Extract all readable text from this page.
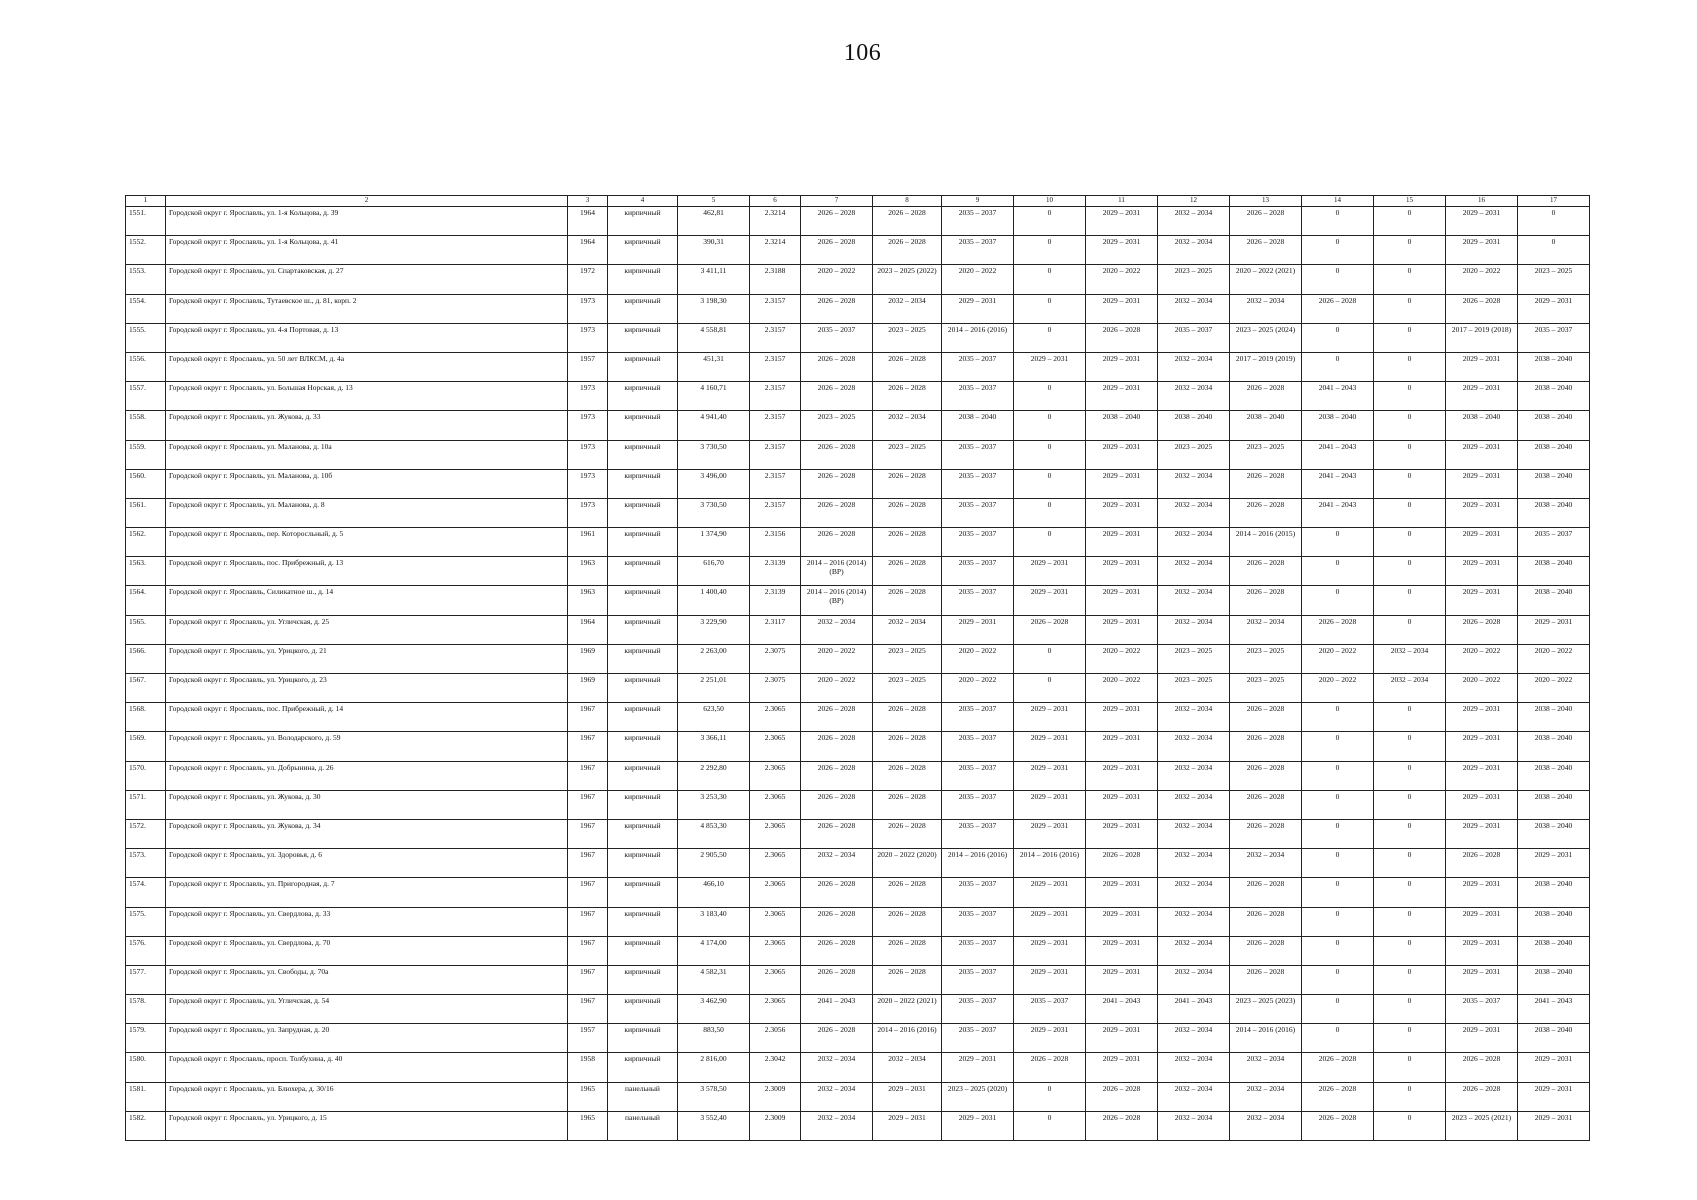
106
1	2	3	4	5	6	7	8	9	10	11	12	13	14	15	16	17
1551.	Городской округ г. Ярославль, ул. 1-я Кольцова, д. 39	1964	кирпичный	462,81	2.3214	2026 – 2028	2026 – 2028	2035 – 2037	0	2029 – 2031	2032 – 2034	2026 – 2028	0	0	2029 – 2031	0
1552.	Городской округ г. Ярославль, ул. 1-я Кольцова, д. 41	1964	кирпичный	390,31	2.3214	2026 – 2028	2026 – 2028	2035 – 2037	0	2029 – 2031	2032 – 2034	2026 – 2028	0	0	2029 – 2031	0
1553.	Городской округ г. Ярославль, ул. Спартаковская, д. 27	1972	кирпичный	3 411,11	2.3188	2020 – 2022	2023 – 2025 (2022)	2020 – 2022	0	2020 – 2022	2023 – 2025	2020 – 2022 (2021)	0	0	2020 – 2022	2023 – 2025
1554.	Городской округ г. Ярославль, Тутаевское ш., д. 81, корп. 2	1973	кирпичный	3 198,30	2.3157	2026 – 2028	2032 – 2034	2029 – 2031	0	2029 – 2031	2032 – 2034	2032 – 2034	2026 – 2028	0	2026 – 2028	2029 – 2031
1555.	Городской округ г. Ярославль, ул. 4-я Портовая, д. 13	1973	кирпичный	4 558,81	2.3157	2035 – 2037	2023 – 2025	2014 – 2016 (2016)	0	2026 – 2028	2035 – 2037	2023 – 2025 (2024)	0	0	2017 – 2019 (2018)	2035 – 2037
1556.	Городской округ г. Ярославль, ул. 50 лет ВЛКСМ, д. 4а	1957	кирпичный	451,31	2.3157	2026 – 2028	2026 – 2028	2035 – 2037	2029 – 2031	2029 – 2031	2032 – 2034	2017 – 2019 (2019)	0	0	2029 – 2031	2038 – 2040
1557.	Городской округ г. Ярославль, ул. Большая Норская, д. 13	1973	кирпичный	4 160,71	2.3157	2026 – 2028	2026 – 2028	2035 – 2037	0	2029 – 2031	2032 – 2034	2026 – 2028	2041 – 2043	0	2029 – 2031	2038 – 2040
1558.	Городской округ г. Ярославль, ул. Жукова, д. 33	1973	кирпичный	4 941,40	2.3157	2023 – 2025	2032 – 2034	2038 – 2040	0	2038 – 2040	2038 – 2040	2038 – 2040	2038 – 2040	0	2038 – 2040	2038 – 2040
1559.	Городской округ г. Ярославль, ул. Маланова, д. 10а	1973	кирпичный	3 730,50	2.3157	2026 – 2028	2023 – 2025	2035 – 2037	0	2029 – 2031	2023 – 2025	2023 – 2025	2041 – 2043	0	2029 – 2031	2038 – 2040
1560.	Городской округ г. Ярославль, ул. Маланова, д. 10б	1973	кирпичный	3 496,00	2.3157	2026 – 2028	2026 – 2028	2035 – 2037	0	2029 – 2031	2032 – 2034	2026 – 2028	2041 – 2043	0	2029 – 2031	2038 – 2040
1561.	Городской округ г. Ярославль, ул. Маланова, д. 8	1973	кирпичный	3 730,50	2.3157	2026 – 2028	2026 – 2028	2035 – 2037	0	2029 – 2031	2032 – 2034	2026 – 2028	2041 – 2043	0	2029 – 2031	2038 – 2040
1562.	Городской округ г. Ярославль, пер. Которосльный, д. 5	1961	кирпичный	1 374,90	2.3156	2026 – 2028	2026 – 2028	2035 – 2037	0	2029 – 2031	2032 – 2034	2014 – 2016 (2015)	0	0	2029 – 2031	2035 – 2037
1563.	Городской округ г. Ярославль, пос. Прибрежный, д. 13	1963	кирпичный	616,70	2.3139	2014 – 2016 (2014) (ВР)	2026 – 2028	2035 – 2037	2029 – 2031	2029 – 2031	2032 – 2034	2026 – 2028	0	0	2029 – 2031	2038 – 2040
1564.	Городской округ г. Ярославль, Силикатное ш., д. 14	1963	кирпичный	1 400,40	2.3139	2014 – 2016 (2014) (ВР)	2026 – 2028	2035 – 2037	2029 – 2031	2029 – 2031	2032 – 2034	2026 – 2028	0	0	2029 – 2031	2038 – 2040
1565.	Городской округ г. Ярославль, ул. Угличская, д. 25	1964	кирпичный	3 229,90	2.3117	2032 – 2034	2032 – 2034	2029 – 2031	2026 – 2028	2029 – 2031	2032 – 2034	2032 – 2034	2026 – 2028	0	2026 – 2028	2029 – 2031
1566.	Городской округ г. Ярославль, ул. Урицкого, д. 21	1969	кирпичный	2 263,00	2.3075	2020 – 2022	2023 – 2025	2020 – 2022	0	2020 – 2022	2023 – 2025	2023 – 2025	2020 – 2022	2032 – 2034	2020 – 2022	2020 – 2022
1567.	Городской округ г. Ярославль, ул. Урицкого, д. 23	1969	кирпичный	2 251,01	2.3075	2020 – 2022	2023 – 2025	2020 – 2022	0	2020 – 2022	2023 – 2025	2023 – 2025	2020 – 2022	2032 – 2034	2020 – 2022	2020 – 2022
1568.	Городской округ г. Ярославль, пос. Прибрежный, д. 14	1967	кирпичный	623,50	2.3065	2026 – 2028	2026 – 2028	2035 – 2037	2029 – 2031	2029 – 2031	2032 – 2034	2026 – 2028	0	0	2029 – 2031	2038 – 2040
1569.	Городской округ г. Ярославль, ул. Володарского, д. 59	1967	кирпичный	3 366,11	2.3065	2026 – 2028	2026 – 2028	2035 – 2037	2029 – 2031	2029 – 2031	2032 – 2034	2026 – 2028	0	0	2029 – 2031	2038 – 2040
1570.	Городской округ г. Ярославль, ул. Добрынина, д. 26	1967	кирпичный	2 292,80	2.3065	2026 – 2028	2026 – 2028	2035 – 2037	2029 – 2031	2029 – 2031	2032 – 2034	2026 – 2028	0	0	2029 – 2031	2038 – 2040
1571.	Городской округ г. Ярославль, ул. Жукова, д. 30	1967	кирпичный	3 253,30	2.3065	2026 – 2028	2026 – 2028	2035 – 2037	2029 – 2031	2029 – 2031	2032 – 2034	2026 – 2028	0	0	2029 – 2031	2038 – 2040
1572.	Городской округ г. Ярославль, ул. Жукова, д. 34	1967	кирпичный	4 853,30	2.3065	2026 – 2028	2026 – 2028	2035 – 2037	2029 – 2031	2029 – 2031	2032 – 2034	2026 – 2028	0	0	2029 – 2031	2038 – 2040
1573.	Городской округ г. Ярославль, ул. Здоровья, д. 6	1967	кирпичный	2 905,50	2.3065	2032 – 2034	2020 – 2022 (2020)	2014 – 2016 (2016)	2014 – 2016 (2016)	2026 – 2028	2032 – 2034	2032 – 2034	0	0	2026 – 2028	2029 – 2031
1574.	Городской округ г. Ярославль, ул. Пригородная, д. 7	1967	кирпичный	466,10	2.3065	2026 – 2028	2026 – 2028	2035 – 2037	2029 – 2031	2029 – 2031	2032 – 2034	2026 – 2028	0	0	2029 – 2031	2038 – 2040
1575.	Городской округ г. Ярославль, ул. Свердлова, д. 33	1967	кирпичный	3 183,40	2.3065	2026 – 2028	2026 – 2028	2035 – 2037	2029 – 2031	2029 – 2031	2032 – 2034	2026 – 2028	0	0	2029 – 2031	2038 – 2040
1576.	Городской округ г. Ярославль, ул. Свердлова, д. 70	1967	кирпичный	4 174,00	2.3065	2026 – 2028	2026 – 2028	2035 – 2037	2029 – 2031	2029 – 2031	2032 – 2034	2026 – 2028	0	0	2029 – 2031	2038 – 2040
1577.	Городской округ г. Ярославль, ул. Свободы, д. 70а	1967	кирпичный	4 582,31	2.3065	2026 – 2028	2026 – 2028	2035 – 2037	2029 – 2031	2029 – 2031	2032 – 2034	2026 – 2028	0	0	2029 – 2031	2038 – 2040
1578.	Городской округ г. Ярославль, ул. Угличская, д. 54	1967	кирпичный	3 462,90	2.3065	2041 – 2043	2020 – 2022 (2021)	2035 – 2037	2035 – 2037	2041 – 2043	2041 – 2043	2023 – 2025 (2023)	0	0	2035 – 2037	2041 – 2043
1579.	Городской округ г. Ярославль, ул. Запрудная, д. 20	1957	кирпичный	883,50	2.3056	2026 – 2028	2014 – 2016 (2016)	2035 – 2037	2029 – 2031	2029 – 2031	2032 – 2034	2014 – 2016 (2016)	0	0	2029 – 2031	2038 – 2040
1580.	Городской округ г. Ярославль, просп. Толбухина, д. 40	1958	кирпичный	2 816,00	2.3042	2032 – 2034	2032 – 2034	2029 – 2031	2026 – 2028	2029 – 2031	2032 – 2034	2032 – 2034	2026 – 2028	0	2026 – 2028	2029 – 2031
1581.	Городской округ г. Ярославль, ул. Блюхера, д. 30/16	1965	панельный	3 578,50	2.3009	2032 – 2034	2029 – 2031	2023 – 2025 (2020)	0	2026 – 2028	2032 – 2034	2032 – 2034	2026 – 2028	0	2026 – 2028	2029 – 2031
1582.	Городской округ г. Ярославль, ул. Урицкого, д. 15	1965	панельный	3 552,40	2.3009	2032 – 2034	2029 – 2031	2029 – 2031	0	2026 – 2028	2032 – 2034	2032 – 2034	2026 – 2028	0	2023 – 2025 (2021)	2029 – 2031
